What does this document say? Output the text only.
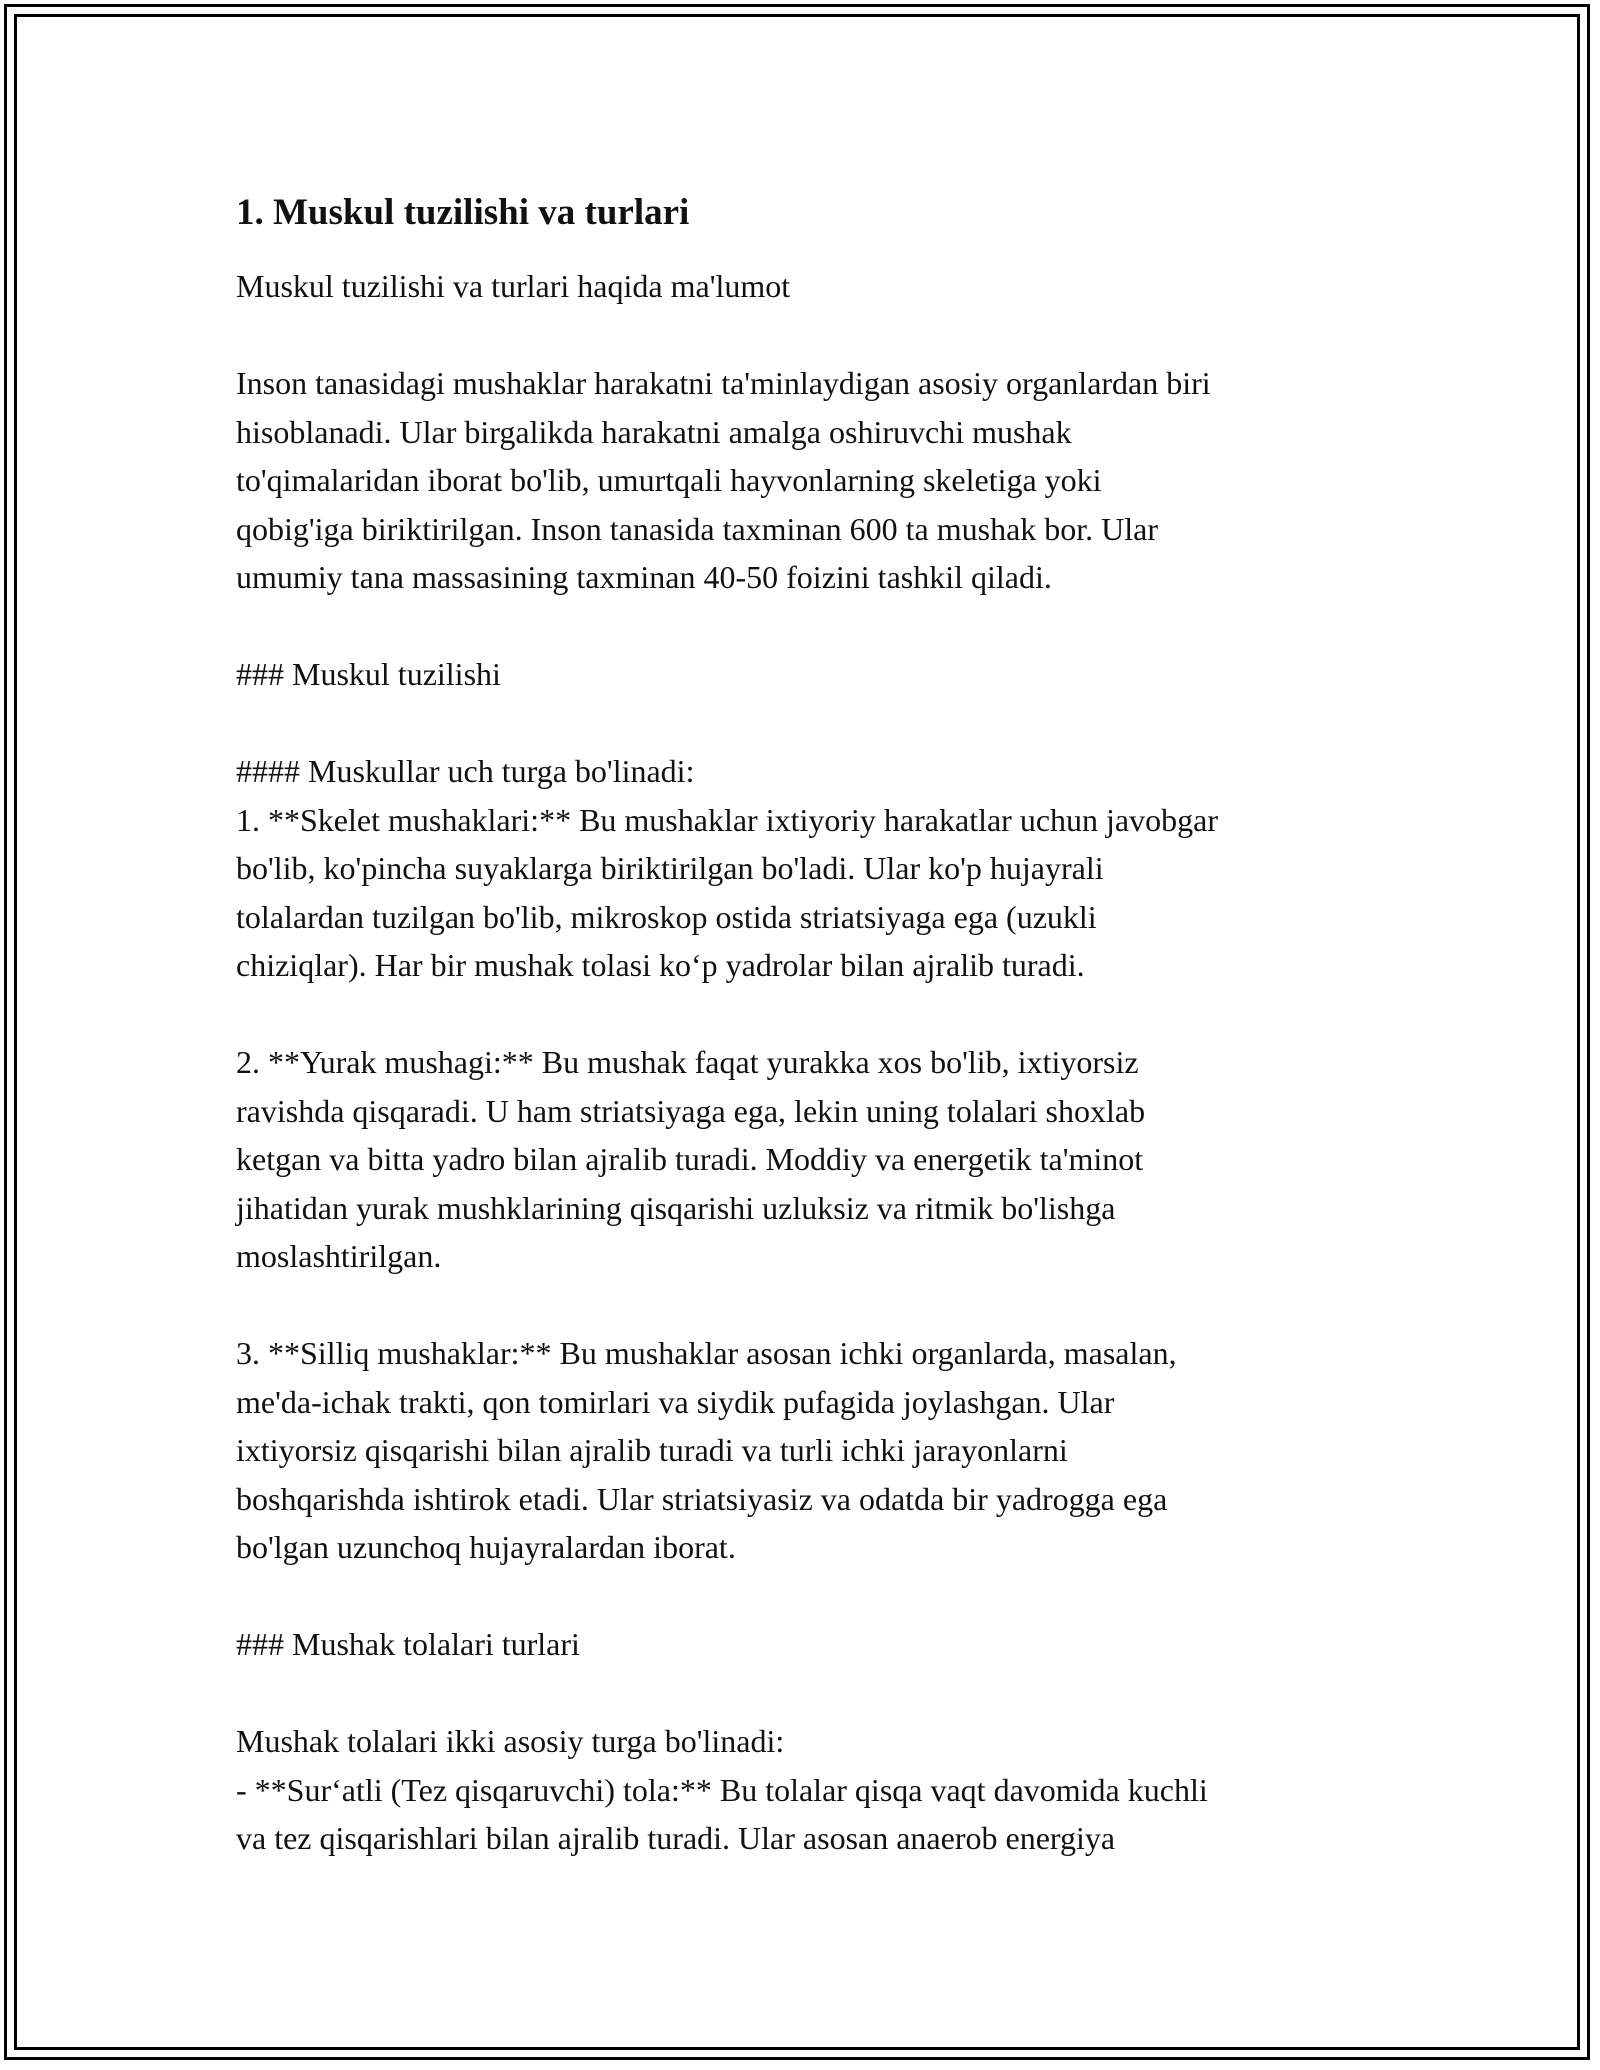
1. Muskul tuzilishi va turlari
Muskul tuzilishi va turlari haqida ma'lumot
Inson tanasidagi mushaklar harakatni ta'minlaydigan asosiy organlardan biri
hisoblanadi. Ular birgalikda harakatni amalga oshiruvchi mushak
to'qimalaridan iborat bo'lib, umurtqali hayvonlarning skeletiga yoki
qobig'iga biriktirilgan. Inson tanasida taxminan 600 ta mushak bor. Ular
umumiy tana massasining taxminan 40-50 foizini tashkil qiladi.
### Muskul tuzilishi
#### Muskullar uch turga bo'linadi:
1. **Skelet mushaklari:** Bu mushaklar ixtiyoriy harakatlar uchun javobgar
bo'lib, ko'pincha suyaklarga biriktirilgan bo'ladi. Ular ko'p hujayrali
tolalardan tuzilgan bo'lib, mikroskop ostida striatsiyaga ega (uzukli
chiziqlar). Har bir mushak tolasi ko‘p yadrolar bilan ajralib turadi.
2. **Yurak mushagi:** Bu mushak faqat yurakka xos bo'lib, ixtiyorsiz
ravishda qisqaradi. U ham striatsiyaga ega, lekin uning tolalari shoxlab
ketgan va bitta yadro bilan ajralib turadi. Moddiy va energetik ta'minot
jihatidan yurak mushklarining qisqarishi uzluksiz va ritmik bo'lishga
moslashtirilgan.
3. **Silliq mushaklar:** Bu mushaklar asosan ichki organlarda, masalan,
me'da-ichak trakti, qon tomirlari va siydik pufagida joylashgan. Ular
ixtiyorsiz qisqarishi bilan ajralib turadi va turli ichki jarayonlarni
boshqarishda ishtirok etadi. Ular striatsiyasiz va odatda bir yadrogga ega
bo'lgan uzunchoq hujayralardan iborat.
### Mushak tolalari turlari
Mushak tolalari ikki asosiy turga bo'linadi:
- **Sur‘atli (Tez qisqaruvchi) tola:** Bu tolalar qisqa vaqt davomida kuchli
va tez qisqarishlari bilan ajralib turadi. Ular asosan anaerob energiya
